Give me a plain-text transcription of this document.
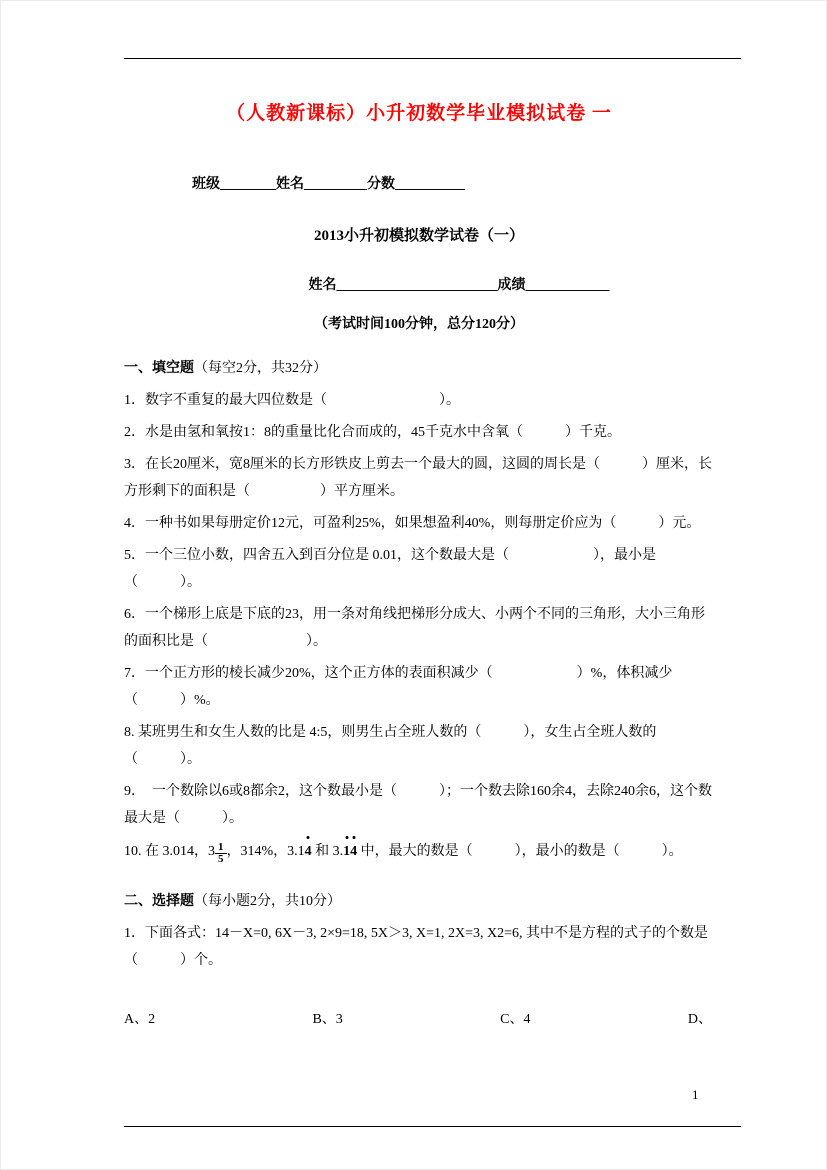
（人教新课标）小升初数学毕业模拟试卷 一
班级________姓名_________分数__________
2013小升初模拟数学试卷（一）
姓名_______________________成绩____________
（考试时间100分钟，总分120分）
一、填空题（每空2分，共32分）

1．数字不重复的最大四位数是（　　　　　　　　）。

2．水是由氢和氧按1：8的重量比化合而成的，45千克水中含氧（　　　）千克。

3．在长20厘米，宽8厘米的长方形铁皮上剪去一个最大的圆，这圆的周长是（　　　）厘米，长方形剩下的面积是（　　　　　）平方厘米。

4．一种书如果每册定价12元，可盈利25%，如果想盈利40%，则每册定价应为（　　　）元。

5．一个三位小数，四舍五入到百分位是 0.01，这个数最大是（　　　　　　），最小是（　　　）。

6．一个梯形上底是下底的23，用一条对角线把梯形分成大、小两个不同的三角形，大小三角形的面积比是（　　　　　　　）。

7．一个正方形的棱长减少20%，这个正方体的表面积减少（　　　　　　）%，体积减少（　　　）%。

8. 某班男生和女生人数的比是 4:5，则男生占全班人数的（　　　），女生占全班人数的（　　　）。

9．　一个数除以6或8都余2，这个数最小是（　　　）；一个数去除160余4，去除240余6，这个数最大是（　　　）。

10. 在 3.014，$3 \frac{1}{5}$ ，314%，3.14 和 3.14 中，最大的数是（　　　），最小的数是（　　　）。

二、选择题（每小题2分，共10分）

1．下面各式：14－X=0, 6X－3, 2×9=18, 5X＞3, X=1, 2X=3, X2=6, 其中不是方程的式子的个数是（　　　）个。

A、2	B、3	C、4	D、
1
